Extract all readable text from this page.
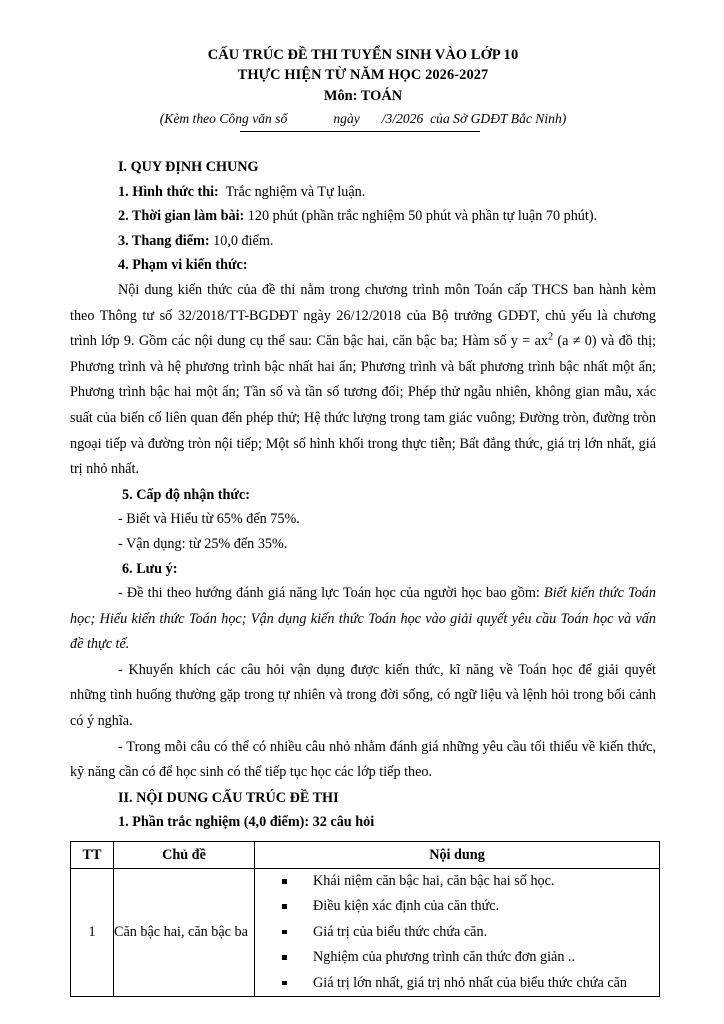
CẤU TRÚC ĐỀ THI TUYỂN SINH VÀO LỚP 10
THỰC HIỆN TỪ NĂM HỌC 2026-2027
Môn: TOÁN
(Kèm theo Công văn số	ngày /3/2026 của Sở GDĐT Bắc Ninh)
I. QUY ĐỊNH CHUNG
1. Hình thức thi: Trắc nghiệm và Tự luận.
2. Thời gian làm bài: 120 phút (phần trắc nghiệm 50 phút và phần tự luận 70 phút).
3. Thang điểm: 10,0 điểm.
4. Phạm vi kiến thức:

Nội dung kiến thức của đề thi nằm trong chương trình môn Toán cấp THCS ban hành kèm theo Thông tư số 32/2018/TT-BGDĐT ngày 26/12/2018 của Bộ trưởng GDĐT, chủ yếu là chương trình lớp 9. Gồm các nội dung cụ thể sau: Căn bậc hai, căn bậc ba; Hàm số $y = ax^2$ (a ≠ 0) và đồ thị; Phương trình và hệ phương trình bậc nhất hai ẩn; Phương trình và bất phương trình bậc nhất một ẩn; Phương trình bậc hai một ẩn; Tần số và tần số tương đối; Phép thử ngẫu nhiên, không gian mẫu, xác suất của biến cố liên quan đến phép thử; Hệ thức lượng trong tam giác vuông; Đường tròn, đường tròn ngoại tiếp và đường tròn nội tiếp; Một số hình khối trong thực tiễn; Bất đẳng thức, giá trị lớn nhất, giá trị nhỏ nhất.

5. Cấp độ nhận thức:
- Biết và Hiểu từ 65% đến 75%.
- Vận dụng: từ 25% đến 35%.
6. Lưu ý:

- Đề thi theo hướng đánh giá năng lực Toán học của người học bao gồm: Biết kiến thức Toán học; Hiểu kiến thức Toán học; Vận dụng kiến thức Toán học vào giải quyết yêu cầu Toán học và vấn đề thực tế.

- Khuyến khích các câu hỏi vận dụng được kiến thức, kĩ năng về Toán học để giải quyết những tình huống thường gặp trong tự nhiên và trong đời sống, có ngữ liệu và lệnh hỏi trong bối cảnh có ý nghĩa.

- Trong mỗi câu có thể có nhiều câu nhỏ nhằm đánh giá những yêu cầu tối thiểu về kiến thức, kỹ năng cần có để học sinh có thể tiếp tục học các lớp tiếp theo.

II. NỘI DUNG CẤU TRÚC ĐỀ THI
1. Phần trắc nghiệm (4,0 điểm): 32 câu hỏi
TT	Chủ đề	Nội dung
1	Căn bậc hai, căn bậc ba	
Khái niệm căn bậc hai, căn bậc hai số học.
Điều kiện xác định của căn thức.
Giá trị của biểu thức chứa căn.
Nghiệm của phương trình căn thức đơn giản ..
Giá trị lớn nhất, giá trị nhỏ nhất của biểu thức chứa căn
